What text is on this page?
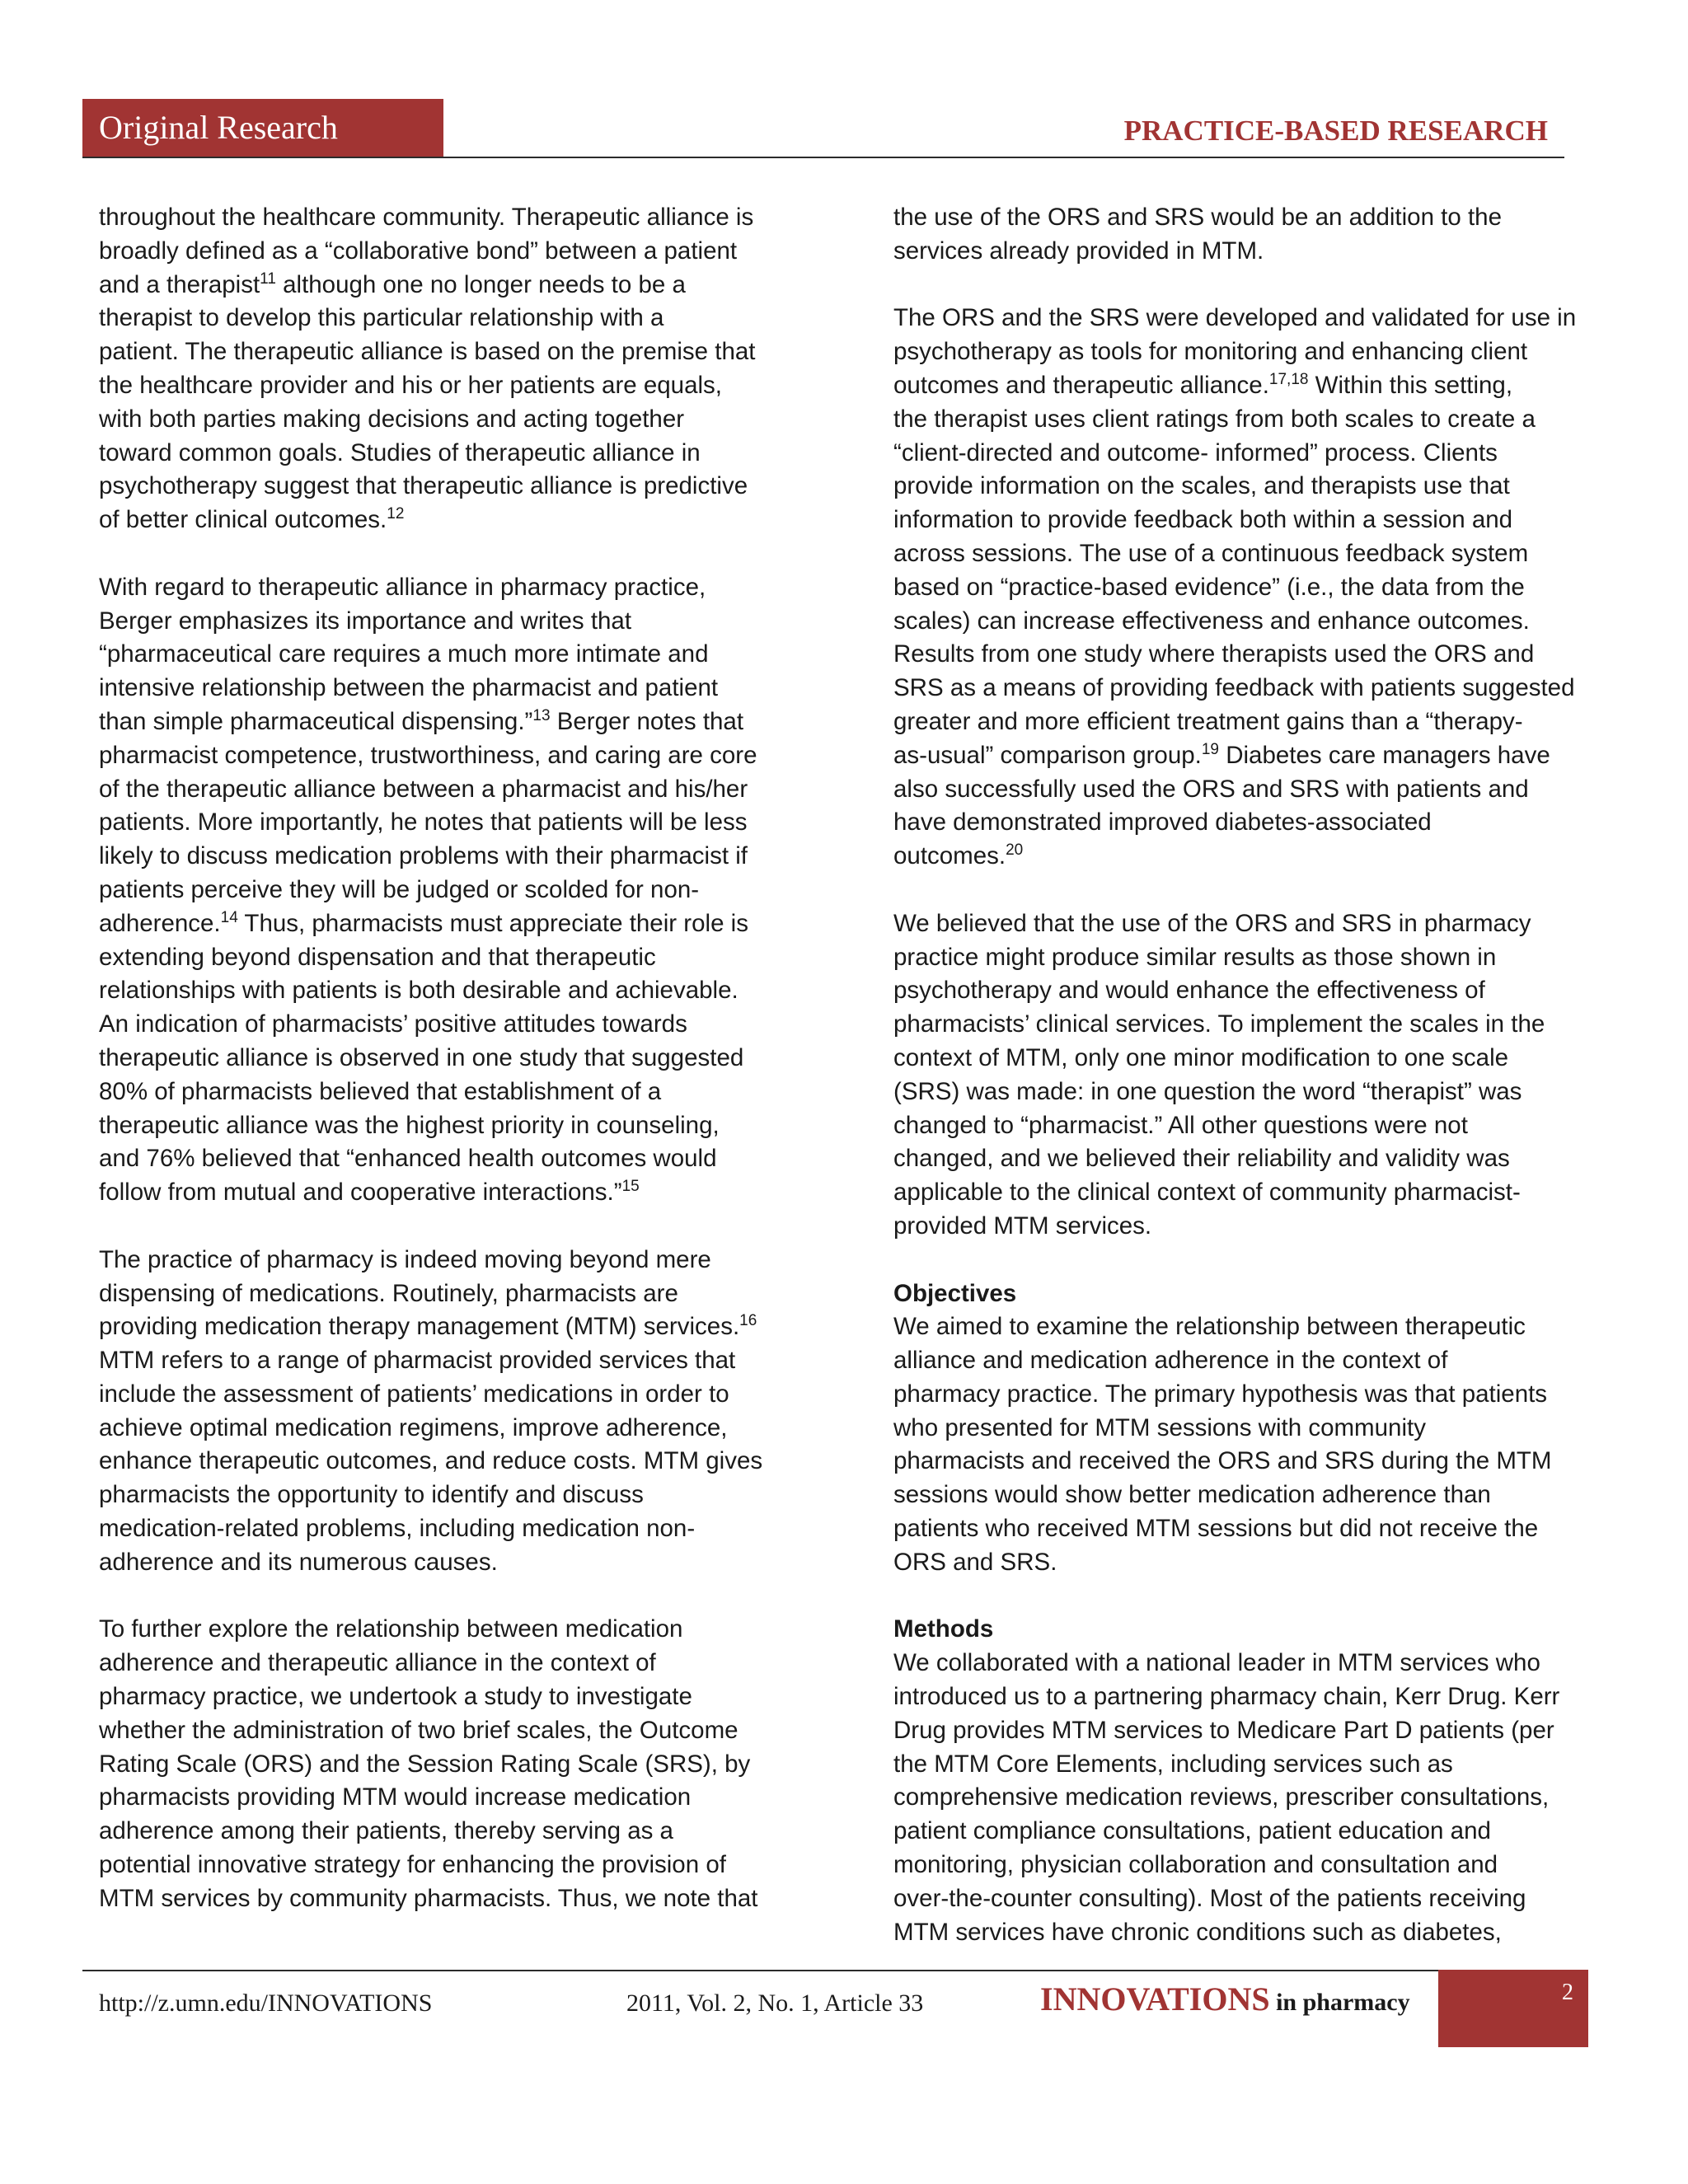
Original Research	PRACTICE-BASED RESEARCH

throughout the healthcare community. Therapeutic alliance is
broadly defined as a “collaborative bond” between a patient
and a therapist$^{11}$ although one no longer needs to be a
therapist to develop this particular relationship with a
patient. The therapeutic alliance is based on the premise that
the healthcare provider and his or her patients are equals,
with both parties making decisions and acting together
toward common goals. Studies of therapeutic alliance in
psychotherapy suggest that therapeutic alliance is predictive
of better clinical outcomes.$^{12}$

With regard to therapeutic alliance in pharmacy practice,
Berger emphasizes its importance and writes that
“pharmaceutical care requires a much more intimate and
intensive relationship between the pharmacist and patient
than simple pharmaceutical dispensing.”$^{13}$ Berger notes that
pharmacist competence, trustworthiness, and caring are core
of the therapeutic alliance between a pharmacist and his/her
patients. More importantly, he notes that patients will be less
likely to discuss medication problems with their pharmacist if
patients perceive they will be judged or scolded for non-
adherence.$^{14}$ Thus, pharmacists must appreciate their role is
extending beyond dispensation and that therapeutic
relationships with patients is both desirable and achievable.
An indication of pharmacists’ positive attitudes towards
therapeutic alliance is observed in one study that suggested
80% of pharmacists believed that establishment of a
therapeutic alliance was the highest priority in counseling,
and 76% believed that “enhanced health outcomes would
follow from mutual and cooperative interactions.”$^{15}$

The practice of pharmacy is indeed moving beyond mere
dispensing of medications. Routinely, pharmacists are
providing medication therapy management (MTM) services.$^{16}$
MTM refers to a range of pharmacist provided services that
include the assessment of patients’ medications in order to
achieve optimal medication regimens, improve adherence,
enhance therapeutic outcomes, and reduce costs. MTM gives
pharmacists the opportunity to identify and discuss
medication-related problems, including medication non-
adherence and its numerous causes.

To further explore the relationship between medication
adherence and therapeutic alliance in the context of
pharmacy practice, we undertook a study to investigate
whether the administration of two brief scales, the Outcome
Rating Scale (ORS) and the Session Rating Scale (SRS), by
pharmacists providing MTM would increase medication
adherence among their patients, thereby serving as a
potential innovative strategy for enhancing the provision of
MTM services by community pharmacists. Thus, we note that

the use of the ORS and SRS would be an addition to the
services already provided in MTM.

The ORS and the SRS were developed and validated for use in
psychotherapy as tools for monitoring and enhancing client
outcomes and therapeutic alliance.$^{17,18}$ Within this setting,
the therapist uses client ratings from both scales to create a
“client-directed and outcome- informed” process. Clients
provide information on the scales, and therapists use that
information to provide feedback both within a session and
across sessions. The use of a continuous feedback system
based on “practice-based evidence” (i.e., the data from the
scales) can increase effectiveness and enhance outcomes.
Results from one study where therapists used the ORS and
SRS as a means of providing feedback with patients suggested
greater and more efficient treatment gains than a “therapy-
as-usual” comparison group.$^{19}$ Diabetes care managers have
also successfully used the ORS and SRS with patients and
have demonstrated improved diabetes-associated
outcomes.$^{20}$

We believed that the use of the ORS and SRS in pharmacy
practice might produce similar results as those shown in
psychotherapy and would enhance the effectiveness of
pharmacists’ clinical services. To implement the scales in the
context of MTM, only one minor modification to one scale
(SRS) was made: in one question the word “therapist” was
changed to “pharmacist.” All other questions were not
changed, and we believed their reliability and validity was
applicable to the clinical context of community pharmacist-
provided MTM services.

Objectives
We aimed to examine the relationship between therapeutic
alliance and medication adherence in the context of
pharmacy practice. The primary hypothesis was that patients
who presented for MTM sessions with community
pharmacists and received the ORS and SRS during the MTM
sessions would show better medication adherence than
patients who received MTM sessions but did not receive the
ORS and SRS.

Methods
We collaborated with a national leader in MTM services who
introduced us to a partnering pharmacy chain, Kerr Drug. Kerr
Drug provides MTM services to Medicare Part D patients (per
the MTM Core Elements, including services such as
comprehensive medication reviews, prescriber consultations,
patient compliance consultations, patient education and
monitoring, physician collaboration and consultation and
over-the-counter consulting). Most of the patients receiving
MTM services have chronic conditions such as diabetes,

http://z.umn.edu/INNOVATIONS	2011, Vol. 2, No. 1, Article 33	INNOVATIONS in pharmacy	2
